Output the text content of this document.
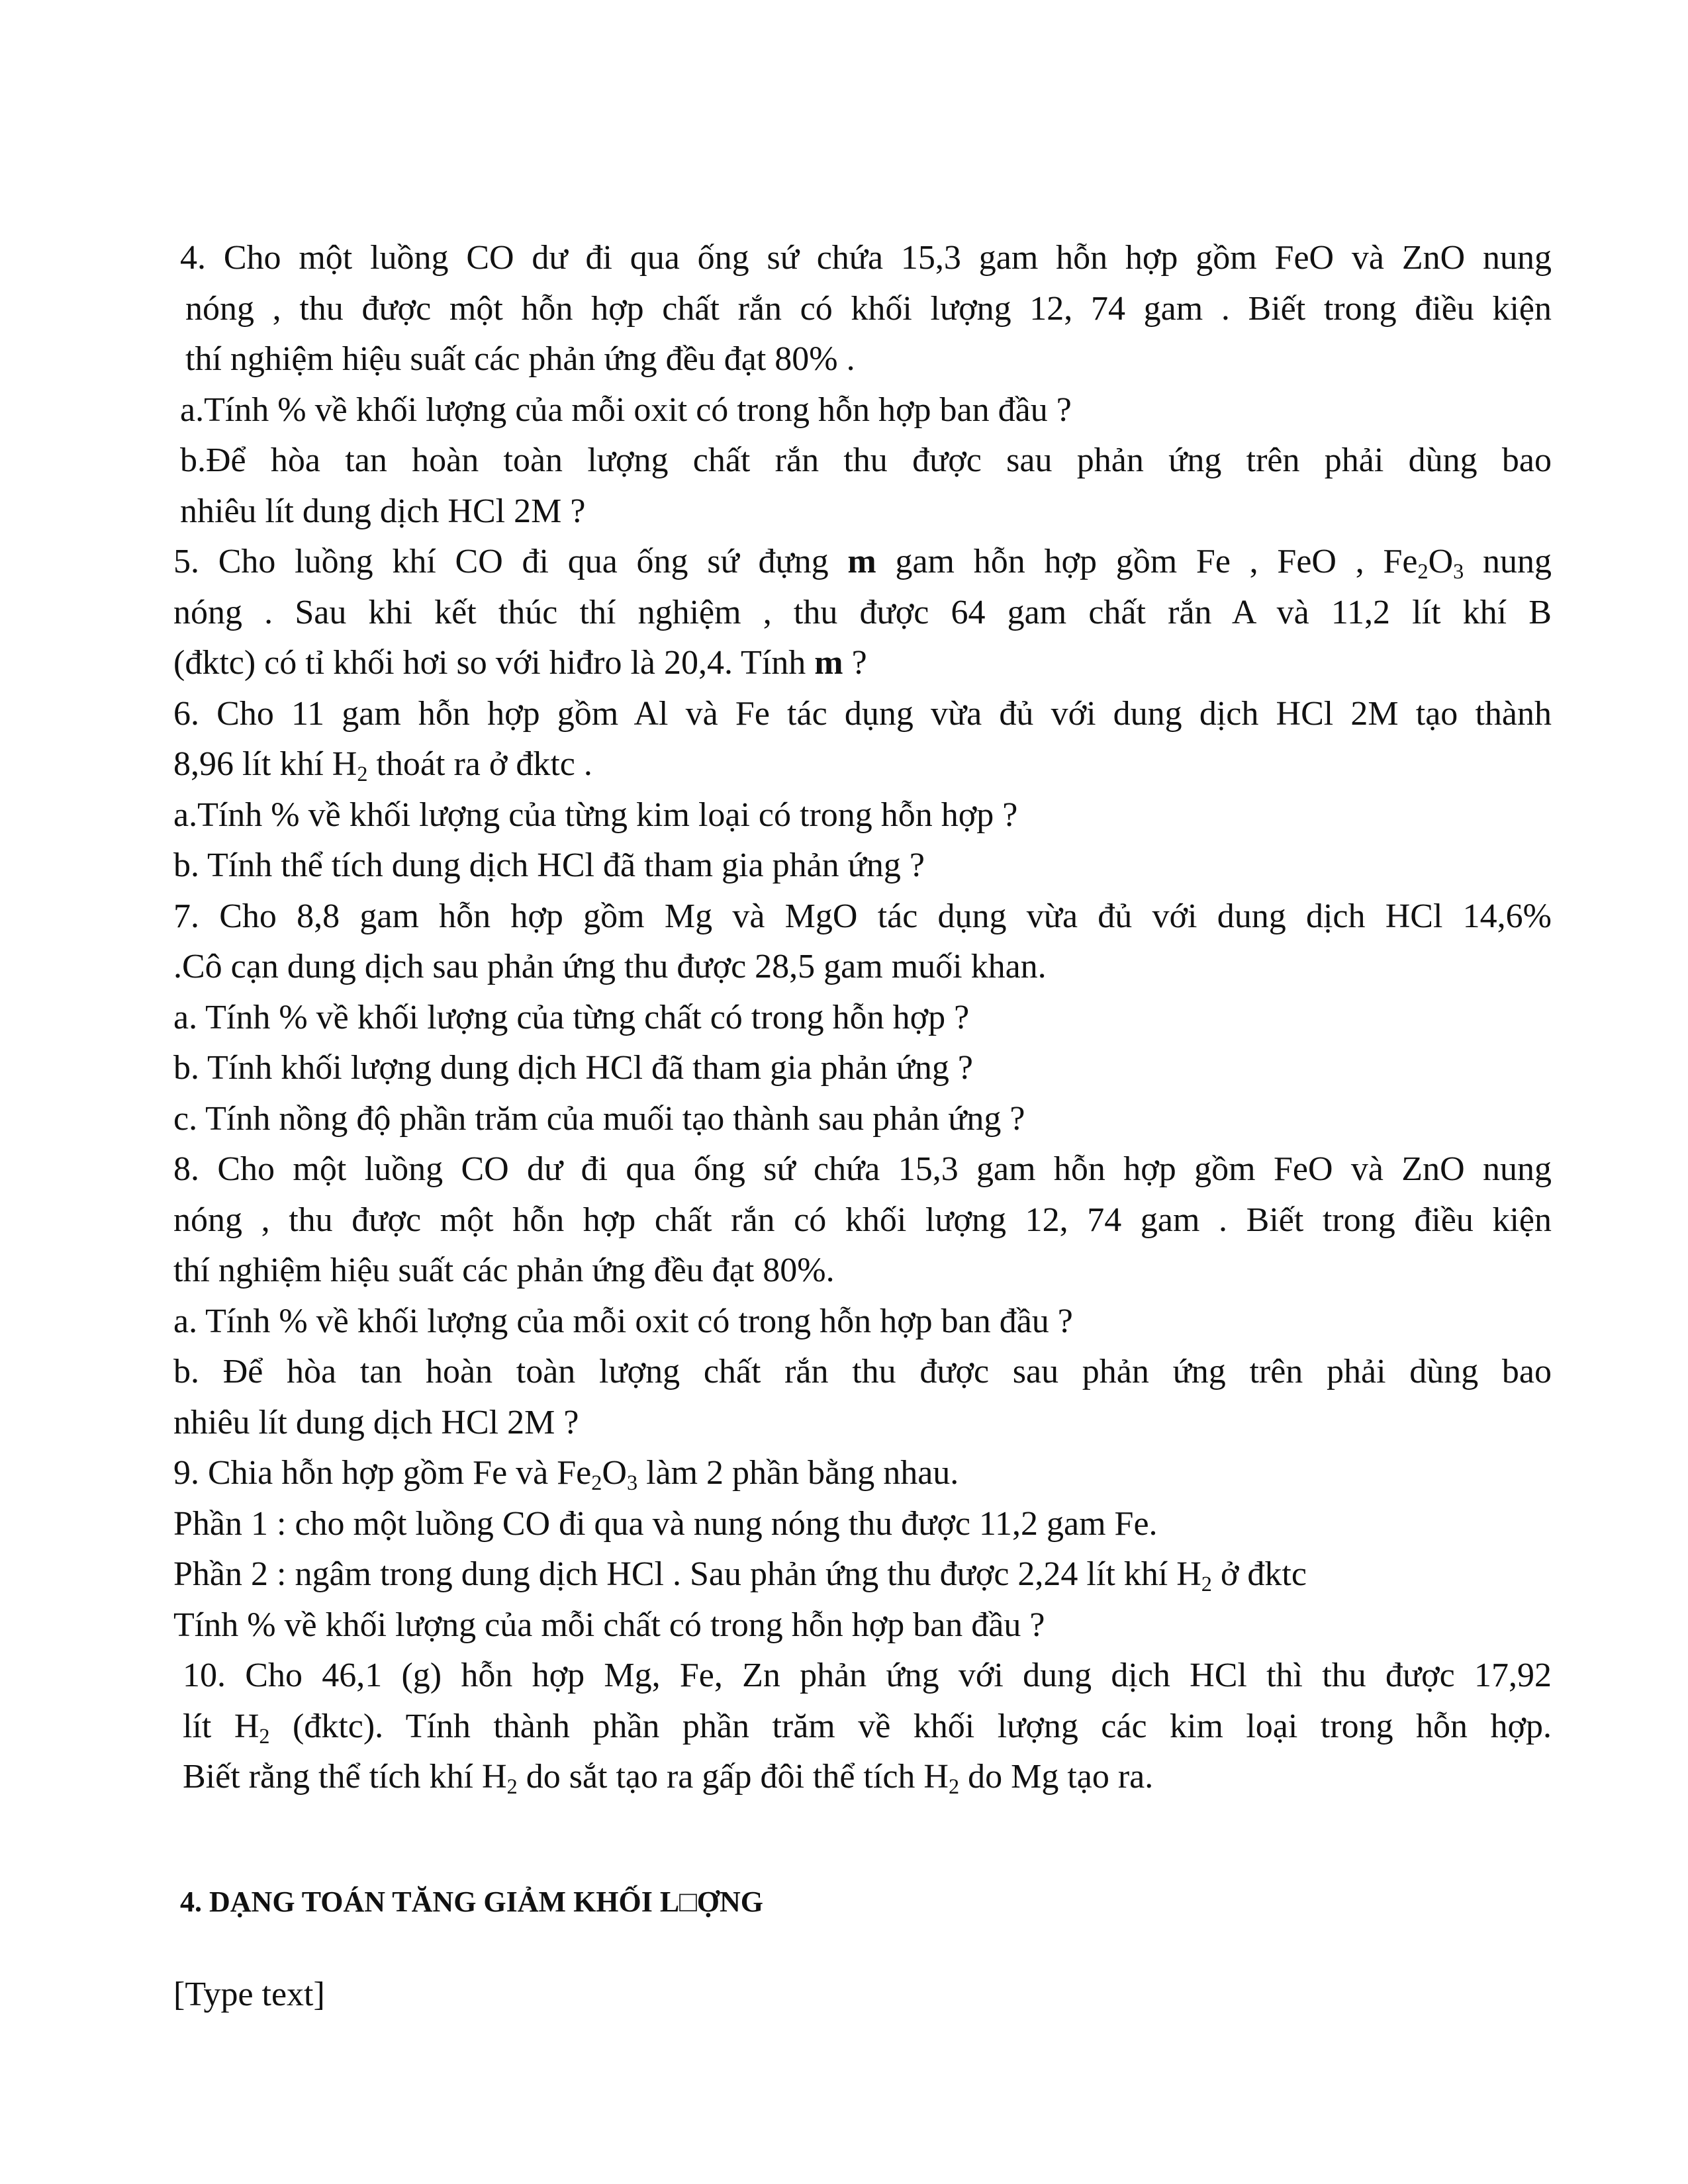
4. Cho một luồng CO dư đi qua ống sứ chứa 15,3 gam hỗn hợp gồm FeO và ZnO nung
nóng , thu được một hỗn hợp chất rắn có khối lượng 12, 74 gam . Biết trong điều kiện
thí nghiệm hiệu suất các phản ứng đều đạt 80% .
a.Tính % về khối lượng của mỗi oxit có trong hỗn hợp ban đầu ?
b.Để hòa tan hoàn toàn lượng chất rắn thu được sau phản ứng trên phải dùng bao
nhiêu lít dung dịch HCl 2M ?
5. Cho luồng khí CO đi qua ống sứ đựng m gam hỗn hợp gồm Fe , FeO , $Fe_2O_3$ nung
nóng . Sau khi kết thúc thí nghiệm , thu được 64 gam chất rắn A và 11,2 lít khí B
(đktc) có tỉ khối hơi so với hiđro là 20,4. Tính m ?
6. Cho 11 gam hỗn hợp gồm Al và Fe tác dụng vừa đủ với dung dịch HCl 2M tạo thành
8,96 lít khí $H_2$ thoát ra ở đktc .
a.Tính % về khối lượng của từng kim loại có trong hỗn hợp ?
b. Tính thể tích dung dịch HCl đã tham gia phản ứng ?
7. Cho 8,8 gam hỗn hợp gồm Mg và MgO tác dụng vừa đủ với dung dịch HCl 14,6%
.Cô cạn dung dịch sau phản ứng thu được 28,5 gam muối khan.
a. Tính % về khối lượng của từng chất có trong hỗn hợp ?
b. Tính khối lượng dung dịch HCl đã tham gia phản ứng ?
c. Tính nồng độ phần trăm của muối tạo thành sau phản ứng ?
8. Cho một luồng CO dư đi qua ống sứ chứa 15,3 gam hỗn hợp gồm FeO và ZnO nung
nóng , thu được một hỗn hợp chất rắn có khối lượng 12, 74 gam . Biết trong điều kiện
thí nghiệm hiệu suất các phản ứng đều đạt 80%.
a. Tính % về khối lượng của mỗi oxit có trong hỗn hợp ban đầu ?
b. Để hòa tan hoàn toàn lượng chất rắn thu được sau phản ứng trên phải dùng bao
nhiêu lít dung dịch HCl 2M ?
9. Chia hỗn hợp gồm Fe và $Fe_2O_3$ làm 2 phần bằng nhau.
Phần 1 : cho một luồng CO đi qua và nung nóng thu được 11,2 gam Fe.
Phần 2 : ngâm trong dung dịch HCl . Sau phản ứng thu được 2,24 lít khí $H_2$ ở đktc
Tính % về khối lượng của mỗi chất có trong hỗn hợp ban đầu ?
10. Cho 46,1 (g) hỗn hợp Mg, Fe, Zn phản ứng với dung dịch HCl thì thu được 17,92
lít $H_2$ (đktc). Tính thành phần phần trăm về khối lượng các kim loại trong hỗn hợp.
Biết rằng thể tích khí $H_2$ do sắt tạo ra gấp đôi thể tích $H_2$ do Mg tạo ra.
4. DẠNG TOÁN TĂNG GIẢM KHỐI L□ỢNG
[Type text]
